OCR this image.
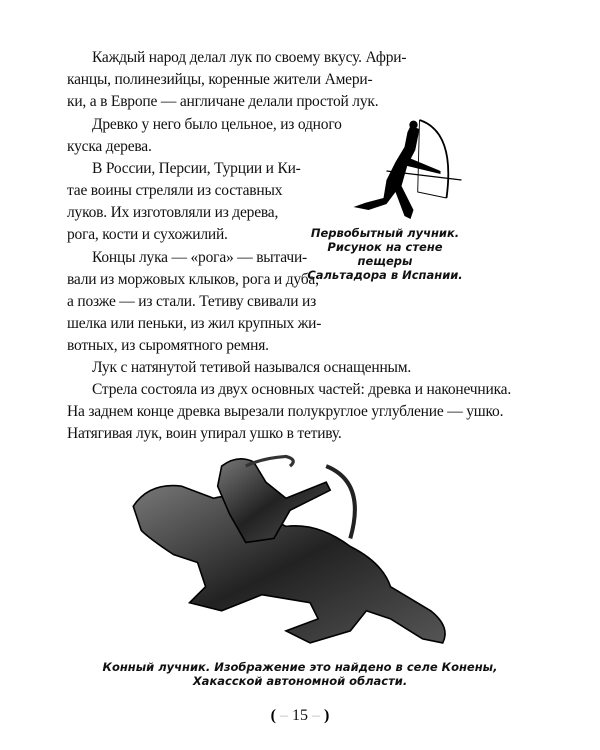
Каждый народ делал лук по своему вкусу. Афри-
канцы, полинезийцы, коренные жители Амери-
ки, а в Европе — англичане делали простой лук.
Древко у него было цельное, из одного
куска дерева.
В России, Персии, Турции и Ки-
тае воины стреляли из составных
луков. Их изготовляли из дерева,
рога, кости и сухожилий.
Концы лука — «рога» — вытачи-
вали из моржовых клыков, рога и дуба,
а позже — из стали. Тетиву свивали из
шелка или пеньки, из жил крупных жи-
вотных, из сыромятного ремня.
Лук с натянутой тетивой назывался оснащенным.
Стрела состояла из двух основных частей: древка и наконечника.
На заднем конце древка вырезали полукруглое углубление — ушко.
Натягивая лук, воин упирал ушко в тетиву.
Первобытный лучник.
Рисунок на стене пещеры
Сальтадора в Испании.
Конный лучник. Изображение это найдено в селе Конены,
Хакасской автономной области.
( – 15 – )
